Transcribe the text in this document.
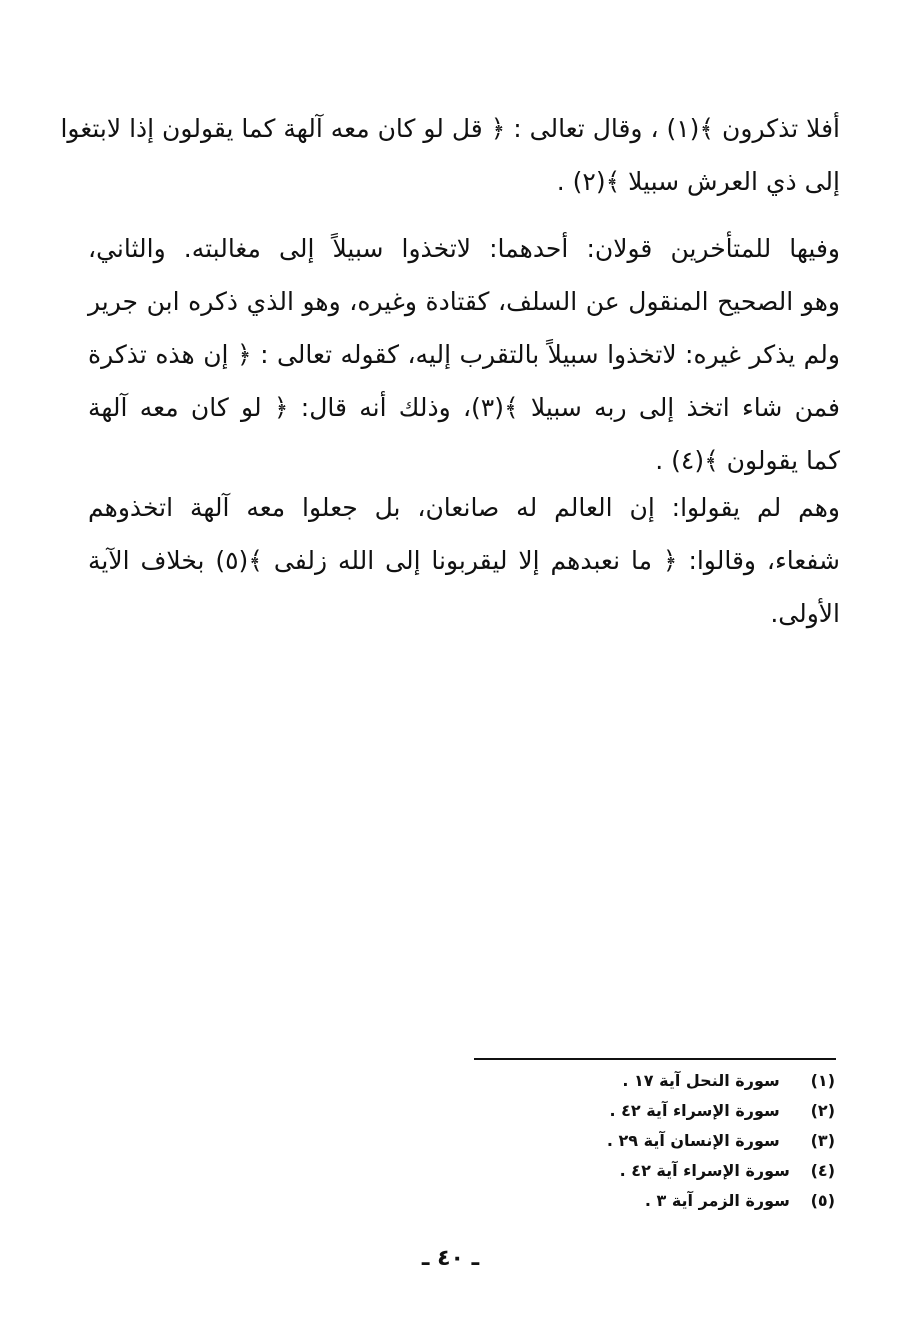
أفلا تذكرون ﴾(١) ، وقال تعالى : ﴿ قل لو كان معه آلهة كما يقولون إذا لابتغوا
إلى ذي العرش سبيلا ﴾(٢) .
وفيها للمتأخرين قولان: أحدهما: لاتخذوا سبيلاً إلى مغالبته. والثاني،
وهو الصحيح المنقول عن السلف، كقتادة وغيره، وهو الذي ذكره ابن جرير
ولم يذكر غيره: لاتخذوا سبيلاً بالتقرب إليه، كقوله تعالى : ﴿ إن هذه تذكرة
فمن شاء اتخذ إلى ربه سبيلا ﴾(٣)، وذلك أنه قال: ﴿ لو كان معه آلهة
كما يقولون ﴾(٤) .
وهم لم يقولوا: إن العالم له صانعان، بل جعلوا معه آلهة اتخذوهم
شفعاء، وقالوا: ﴿ ما نعبدهم إلا ليقربونا إلى الله زلفى ﴾(٥) بخلاف الآية
الأولى.
(١)   سورة النحل آية ١٧ .
(٢)   سورة الإسراء آية ٤٢ .
(٣)   سورة الإنسان آية ٢٩ .
(٤) سورة الإسراء آية ٤٢ .
(٥) سورة الزمر آية ٣ .
ـ ٤٠ ـ
